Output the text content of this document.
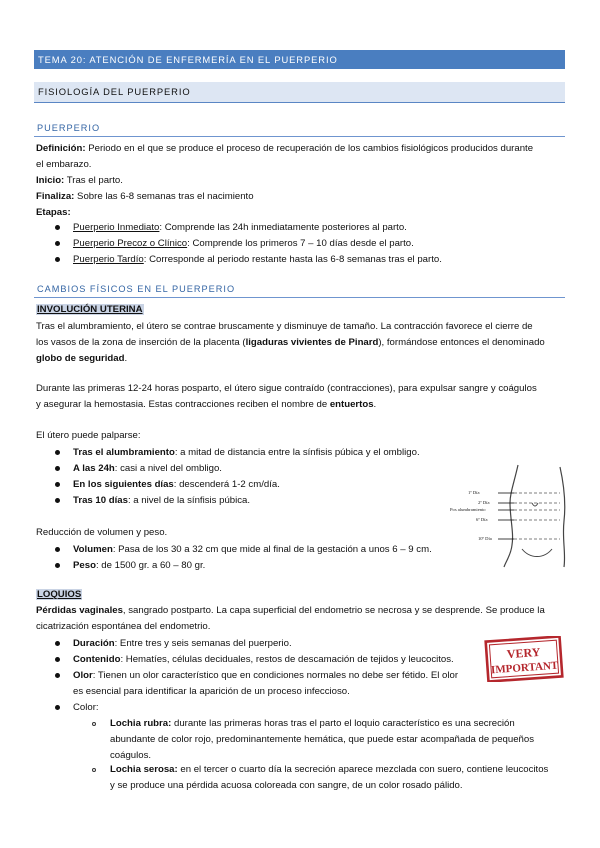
TEMA 20: ATENCIÓN DE ENFERMERÍA EN EL PUERPERIO
FISIOLOGÍA DEL PUERPERIO
PUERPERIO
Definición: Periodo en el que se produce el proceso de recuperación de los cambios fisiológicos producidos durante
el embarazo.
Inicio: Tras el parto.
Finaliza: Sobre las 6-8 semanas tras el nacimiento
Etapas:
Puerperio Inmediato: Comprende las 24h inmediatamente posteriores al parto.
Puerperio Precoz o Clínico: Comprende los primeros 7 – 10 días desde el parto.
Puerperio Tardío: Corresponde al periodo restante hasta las 6-8 semanas tras el parto.
CAMBIOS FÍSICOS EN EL PUERPERIO
INVOLUCIÓN UTERINA
Tras el alumbramiento, el útero se contrae bruscamente y disminuye de tamaño. La contracción favorece el cierre de
los vasos de la zona de inserción de la placenta (ligaduras vivientes de Pinard), formándose entonces el denominado
globo de seguridad.
Durante las primeras 12-24 horas posparto, el útero sigue contraído (contracciones), para expulsar sangre y coágulos
y asegurar la hemostasia. Estas contracciones reciben el nombre de entuertos.
El útero puede palparse:
Tras el alumbramiento: a mitad de distancia entre la sínfisis púbica y el ombligo.
A las 24h: casi a nivel del ombligo.
En los siguientes días: descenderá 1-2 cm/día.
Tras 10 días: a nivel de la sínfisis púbica.
Reducción de volumen y peso.
Volumen: Pasa de los 30 a 32 cm que mide al final de la gestación a unos 6 – 9 cm.
Peso: de 1500 gr. a 60 – 80 gr.
1º Día
2º Día
Pos alumbramiento
6º Día
10º Día
LOQUIOS
Pérdidas vaginales, sangrado postparto. La capa superficial del endometrio se necrosa y se desprende. Se produce la
cicatrización espontánea del endometrio.
Duración: Entre tres y seis semanas del puerperio.
Contenido: Hematíes, células deciduales, restos de descamación de tejidos y leucocitos.
Olor: Tienen un olor característico que en condiciones normales no debe ser fétido. El olor
es esencial para identificar la aparición de un proceso infeccioso.
Color:
Lochia rubra: durante las primeras horas tras el parto el loquio característico es una secreción
abundante de color rojo, predominantemente hemática, que puede estar acompañada de pequeños
coágulos.
Lochia serosa: en el tercer o cuarto día la secreción aparece mezclada con suero, contiene leucocitos
y se produce una pérdida acuosa coloreada con sangre, de un color rosado pálido.
VERY
IMPORTANT
